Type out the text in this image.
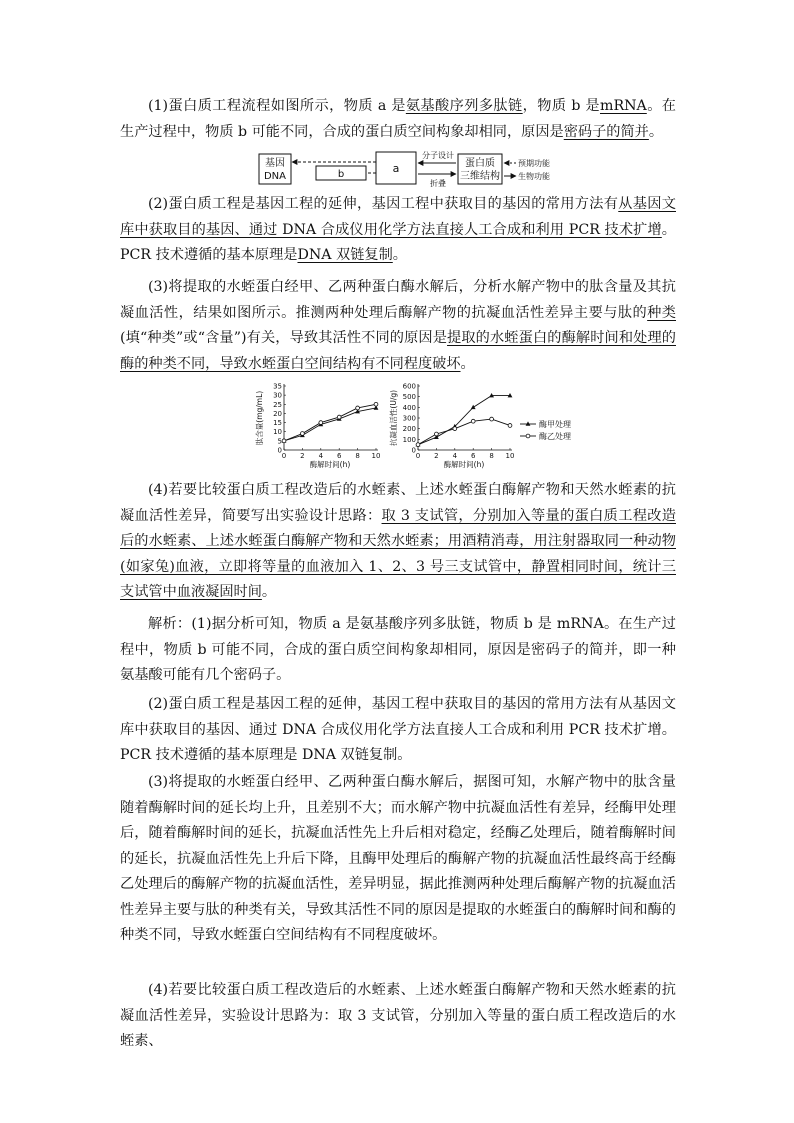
(1)蛋白质工程流程如图所示，物质 a 是氨基酸序列多肽链，物质 b 是mRNA。在生产过程中，物质 b 可能不同，合成的蛋白质空间构象却相同，原因是密码子的简并。

基因
DNA	b	a
分子设计
折叠
蛋白质
三维结构
预期功能
生物功能

(2)蛋白质工程是基因工程的延伸，基因工程中获取目的基因的常用方法有从基因文库中获取目的基因、通过 DNA 合成仪用化学方法直接人工合成和利用 PCR 技术扩增。PCR 技术遵循的基本原理是DNA 双链复制。

(3)将提取的水蛭蛋白经甲、乙两种蛋白酶水解后，分析水解产物中的肽含量及其抗凝血活性，结果如图所示。推测两种处理后酶解产物的抗凝血活性差异主要与肽的种类(填“种类”或“含量”)有关，导致其活性不同的原因是提取的水蛭蛋白的酶解时间和处理的酶的种类不同，导致水蛭蛋白空间结构有不同程度破坏。

0
5
10
15
20
25
30
35
0 2 4 6 8 10
酶解时间(h)
肽含量(mg/mL)
0
100
200
300
400
500
600
0 2 4 6 8 10
酶解时间(h)
抗凝血活性(U/g)	酶甲处理
酶乙处理

(4)若要比较蛋白质工程改造后的水蛭素、上述水蛭蛋白酶解产物和天然水蛭素的抗凝血活性差异，简要写出实验设计思路：取 3 支试管，分别加入等量的蛋白质工程改造后的水蛭素、上述水蛭蛋白酶解产物和天然水蛭素；用酒精消毒，用注射器取同一种动物(如家兔)血液，立即将等量的血液加入 1、2、3 号三支试管中，静置相同时间，统计三支试管中血液凝固时间。

解析：(1)据分析可知，物质 a 是氨基酸序列多肽链，物质 b 是 mRNA。在生产过程中，物质 b 可能不同，合成的蛋白质空间构象却相同，原因是密码子的简并，即一种氨基酸可能有几个密码子。

(2)蛋白质工程是基因工程的延伸，基因工程中获取目的基因的常用方法有从基因文库中获取目的基因、通过 DNA 合成仪用化学方法直接人工合成和利用 PCR 技术扩增。PCR 技术遵循的基本原理是 DNA 双链复制。

(3)将提取的水蛭蛋白经甲、乙两种蛋白酶水解后，据图可知，水解产物中的肽含量随着酶解时间的延长均上升，且差别不大；而水解产物中抗凝血活性有差异，经酶甲处理后，随着酶解时间的延长，抗凝血活性先上升后相对稳定，经酶乙处理后，随着酶解时间的延长，抗凝血活性先上升后下降，且酶甲处理后的酶解产物的抗凝血活性最终高于经酶乙处理后的酶解产物的抗凝血活性，差异明显，据此推测两种处理后酶解产物的抗凝血活性差异主要与肽的种类有关，导致其活性不同的原因是提取的水蛭蛋白的酶解时间和酶的种类不同，导致水蛭蛋白空间结构有不同程度破坏。

(4)若要比较蛋白质工程改造后的水蛭素、上述水蛭蛋白酶解产物和天然水蛭素的抗凝血活性差异，实验设计思路为：取 3 支试管，分别加入等量的蛋白质工程改造后的水蛭素、
